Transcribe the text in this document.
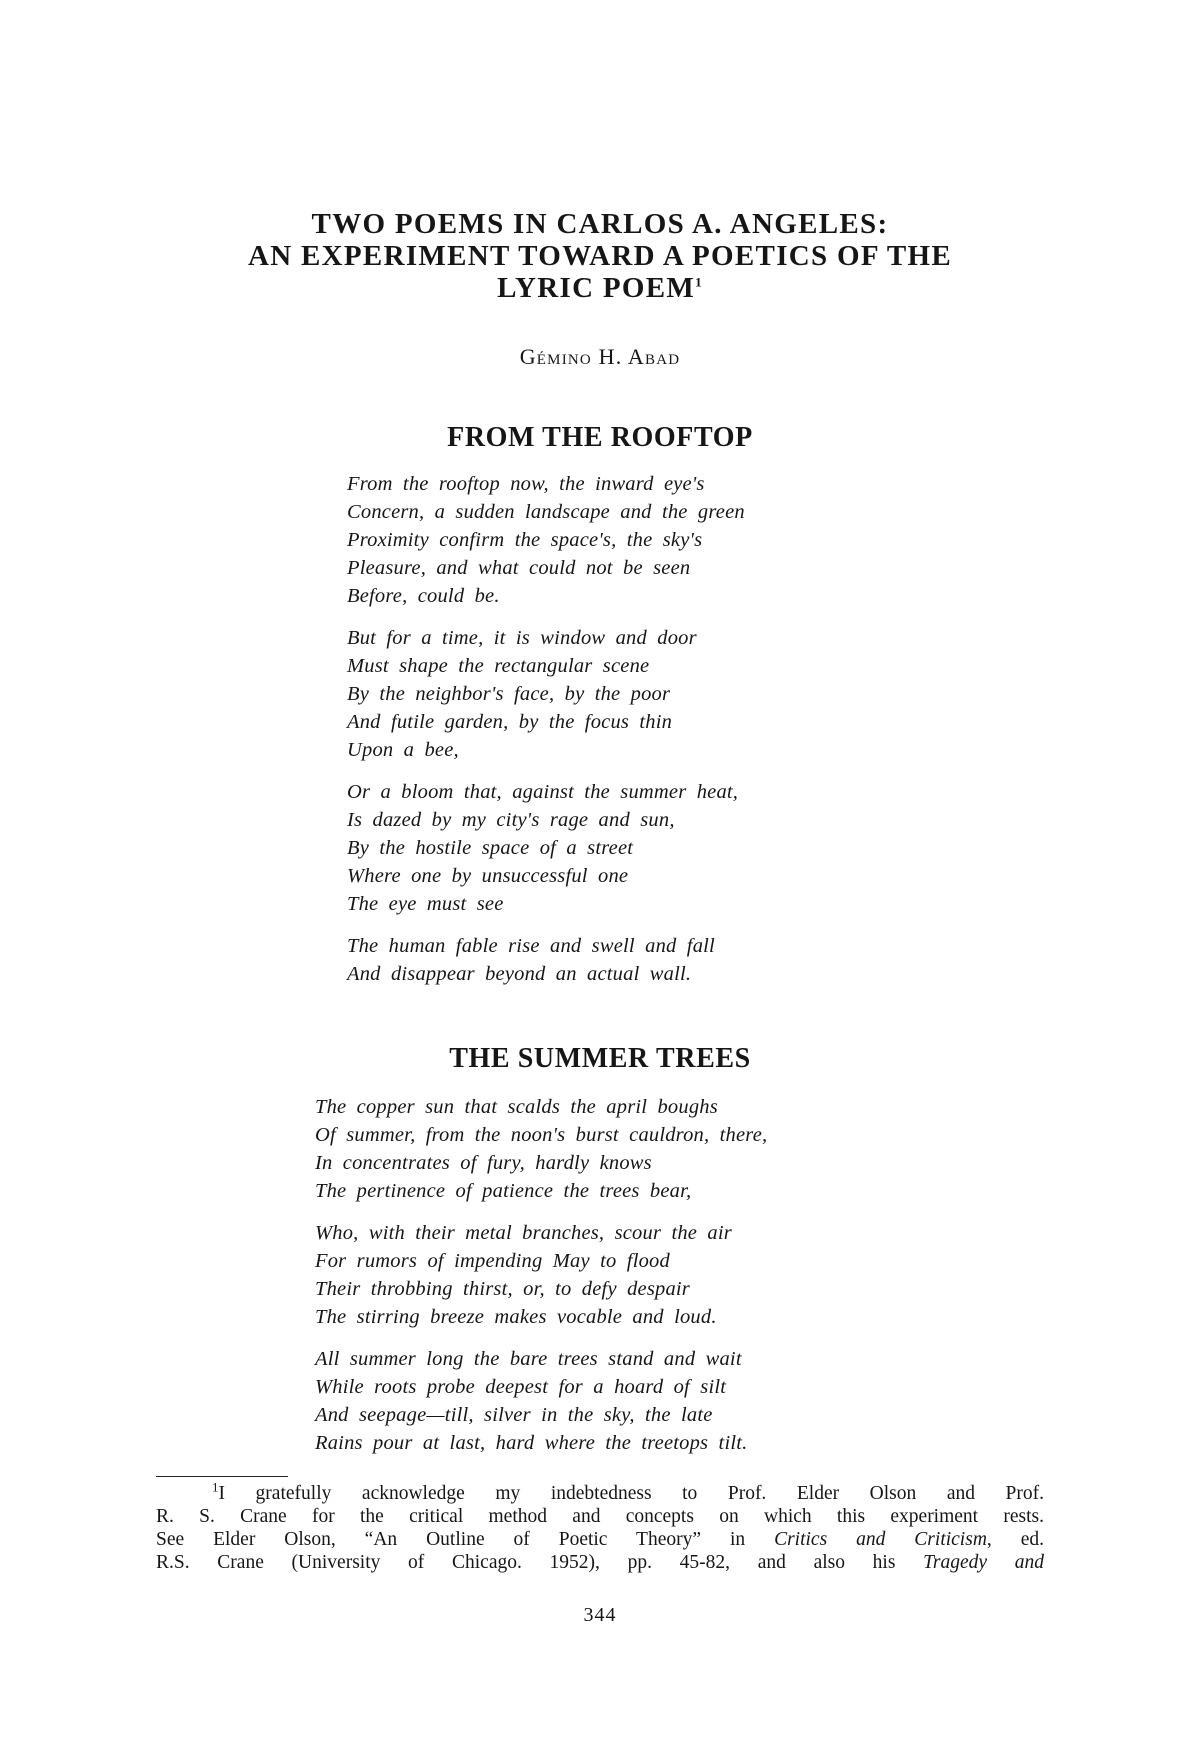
TWO POEMS IN CARLOS A. ANGELES:
AN EXPERIMENT TOWARD A POETICS OF THE
LYRIC POEM$^1$
Gémino H. Abad
FROM THE ROOFTOP
From the rooftop now, the inward eye's
Concern, a sudden landscape and the green
Proximity confirm the space's, the sky's
Pleasure, and what could not be seen
Before, could be.
But for a time, it is window and door
Must shape the rectangular scene
By the neighbor's face, by the poor
And futile garden, by the focus thin
Upon a bee,
Or a bloom that, against the summer heat,
Is dazed by my city's rage and sun,
By the hostile space of a street
Where one by unsuccessful one
The eye must see
The human fable rise and swell and fall
And disappear beyond an actual wall.
THE SUMMER TREES
The copper sun that scalds the april boughs
Of summer, from the noon's burst cauldron, there,
In concentrates of fury, hardly knows
The pertinence of patience the trees bear,
Who, with their metal branches, scour the air
For rumors of impending May to flood
Their throbbing thirst, or, to defy despair
The stirring breeze makes vocable and loud.
All summer long the bare trees stand and wait
While roots probe deepest for a hoard of silt
And seepage—till, silver in the sky, the late
Rains pour at last, hard where the treetops tilt.
$^1$I gratefully acknowledge my indebtedness to Prof. Elder Olson and Prof.
R. S. Crane for the critical method and concepts on which this experiment rests.
See Elder Olson, “An Outline of Poetic Theory” in Critics and Criticism, ed.
R.S. Crane (University of Chicago. 1952), pp. 45-82, and also his Tragedy and
344
